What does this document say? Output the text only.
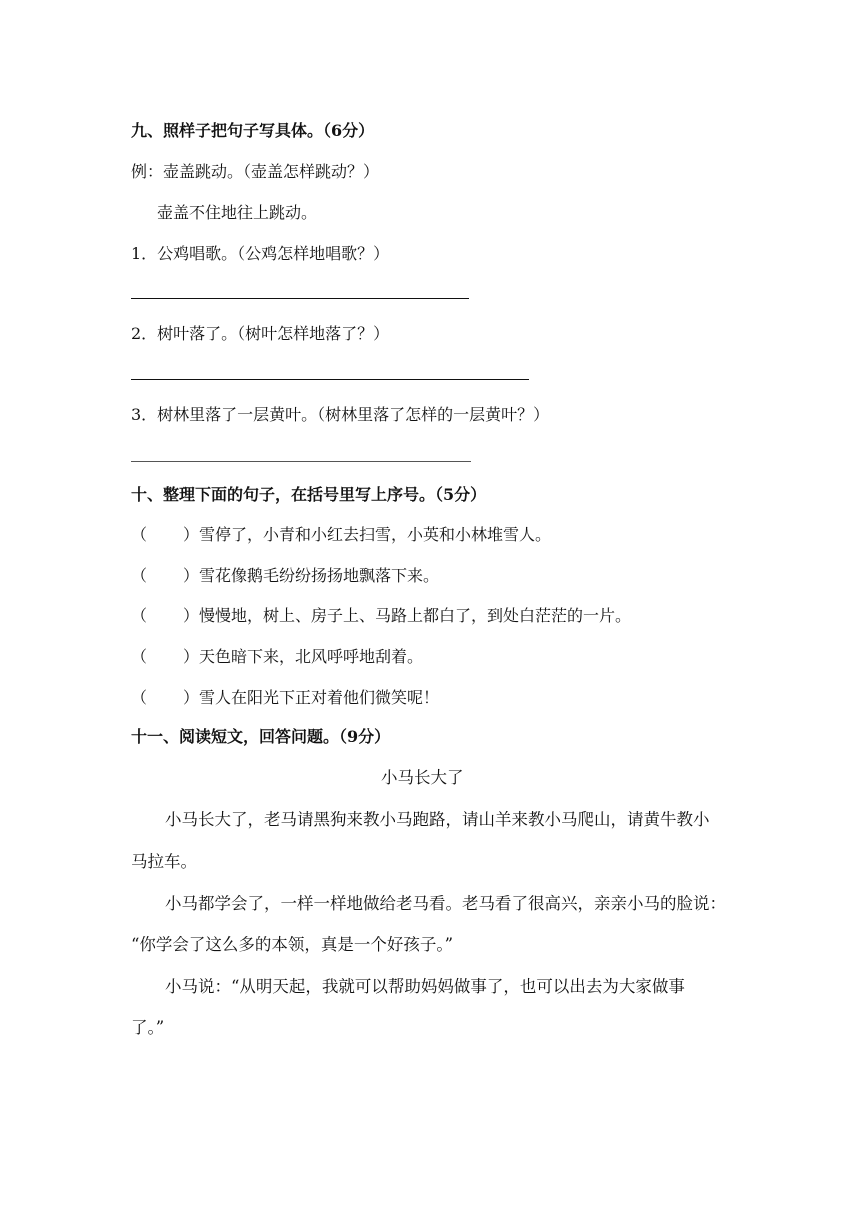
九、照样子把句子写具体。（6分）
例：壶盖跳动。（壶盖怎样跳动？）
壶盖不住地往上跳动。
1．公鸡唱歌。（公鸡怎样地唱歌？）
2．树叶落了。（树叶怎样地落了？）
3．树林里落了一层黄叶。（树林里落了怎样的一层黄叶？）
十、整理下面的句子，在括号里写上序号。（5分）
（ ）雪停了，小青和小红去扫雪，小英和小林堆雪人。
（ ）雪花像鹅毛纷纷扬扬地飘落下来。
（ ）慢慢地，树上、房子上、马路上都白了，到处白茫茫的一片。
（ ）天色暗下来，北风呼呼地刮着。
（ ）雪人在阳光下正对着他们微笑呢！
十一、阅读短文，回答问题。（9分）
小马长大了
小马长大了，老马请黑狗来教小马跑路，请山羊来教小马爬山，请黄牛教小
马拉车。
小马都学会了，一样一样地做给老马看。老马看了很高兴，亲亲小马的脸说：
“你学会了这么多的本领，真是一个好孩子。”
小马说：“从明天起，我就可以帮助妈妈做事了，也可以出去为大家做事
了。”
